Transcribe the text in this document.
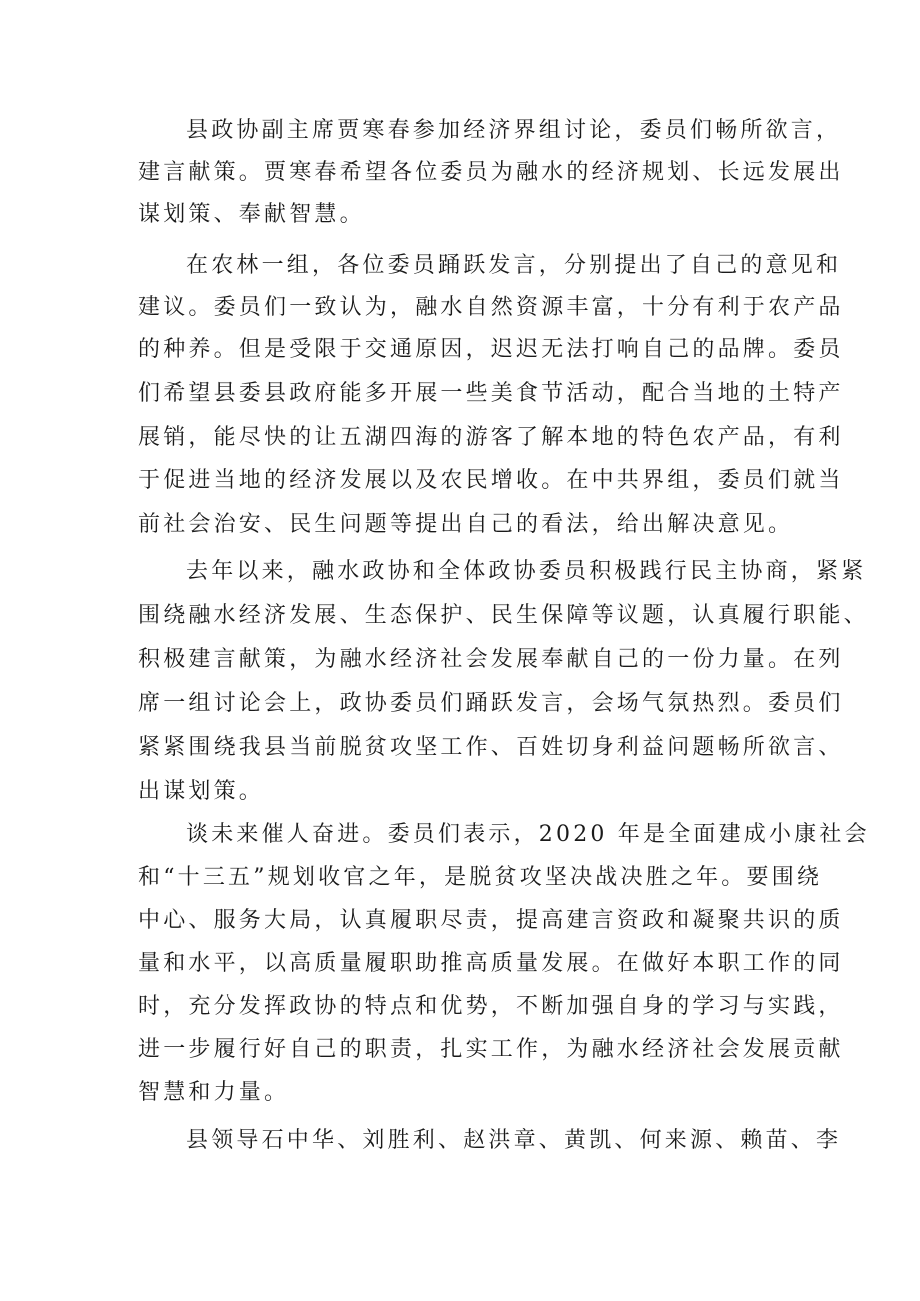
县政协副主席贾寒春参加经济界组讨论，委员们畅所欲言，
建言献策。贾寒春希望各位委员为融水的经济规划、长远发展出
谋划策、奉献智慧。
在农林一组，各位委员踊跃发言，分别提出了自己的意见和
建议。委员们一致认为，融水自然资源丰富，十分有利于农产品
的种养。但是受限于交通原因，迟迟无法打响自己的品牌。委员
们希望县委县政府能多开展一些美食节活动，配合当地的土特产
展销，能尽快的让五湖四海的游客了解本地的特色农产品，有利
于促进当地的经济发展以及农民增收。在中共界组，委员们就当
前社会治安、民生问题等提出自己的看法，给出解决意见。
去年以来，融水政协和全体政协委员积极践行民主协商，紧紧
围绕融水经济发展、生态保护、民生保障等议题，认真履行职能、
积极建言献策，为融水经济社会发展奉献自己的一份力量。在列
席一组讨论会上，政协委员们踊跃发言，会场气氛热烈。委员们
紧紧围绕我县当前脱贫攻坚工作、百姓切身利益问题畅所欲言、
出谋划策。
谈未来催人奋进。委员们表示，2020 年是全面建成小康社会
和“十三五”规划收官之年，是脱贫攻坚决战决胜之年。要围绕
中心、服务大局，认真履职尽责，提高建言资政和凝聚共识的质
量和水平，以高质量履职助推高质量发展。在做好本职工作的同
时，充分发挥政协的特点和优势，不断加强自身的学习与实践，
进一步履行好自己的职责，扎实工作，为融水经济社会发展贡献
智慧和力量。
县领导石中华、刘胜利、赵洪章、黄凯、何来源、赖苗、李
